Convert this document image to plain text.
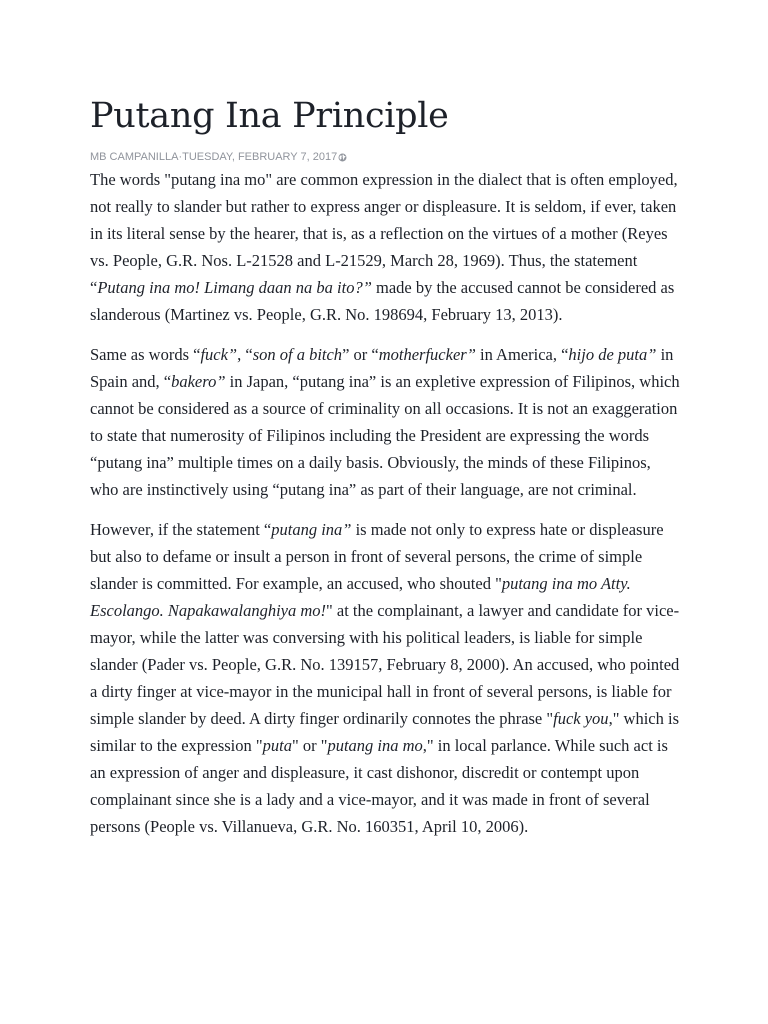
Putang Ina Principle
MB CAMPANILLA · TUESDAY, FEBRUARY 7, 2017

The words "putang ina mo" are common expression in the dialect that is often employed, not really to slander but rather to express anger or displeasure. It is seldom, if ever, taken in its literal sense by the hearer, that is, as a reflection on the virtues of a mother (Reyes vs. People, G.R. Nos. L-21528 and L-21529, March 28, 1969). Thus, the statement “Putang ina mo! Limang daan na ba ito?” made by the accused cannot be considered as slanderous (Martinez vs. People, G.R. No. 198694, February 13, 2013).

Same as words “fuck”, “son of a bitch” or “motherfucker” in America, “hijo de puta” in Spain and, “bakero” in Japan, “putang ina” is an expletive expression of Filipinos, which cannot be considered as a source of criminality on all occasions. It is not an exaggeration to state that numerosity of Filipinos including the President are expressing the words “putang ina” multiple times on a daily basis. Obviously, the minds of these Filipinos, who are instinctively using “putang ina” as part of their language, are not criminal.

However, if the statement “putang ina” is made not only to express hate or displeasure but also to defame or insult a person in front of several persons, the crime of simple slander is committed. For example, an accused, who shouted "putang ina mo Atty. Escolango. Napakawalanghiya mo!" at the complainant, a lawyer and candidate for vice-mayor, while the latter was conversing with his political leaders, is liable for simple slander (Pader vs. People, G.R. No. 139157, February 8, 2000). An accused, who pointed a dirty finger at vice-mayor in the municipal hall in front of several persons, is liable for simple slander by deed. A dirty finger ordinarily connotes the phrase "fuck you," which is similar to the expression "puta" or "putang ina mo," in local parlance. While such act is an expression of anger and displeasure, it cast dishonor, discredit or contempt upon complainant since she is a lady and a vice-mayor, and it was made in front of several persons (People vs. Villanueva, G.R. No. 160351, April 10, 2006).
